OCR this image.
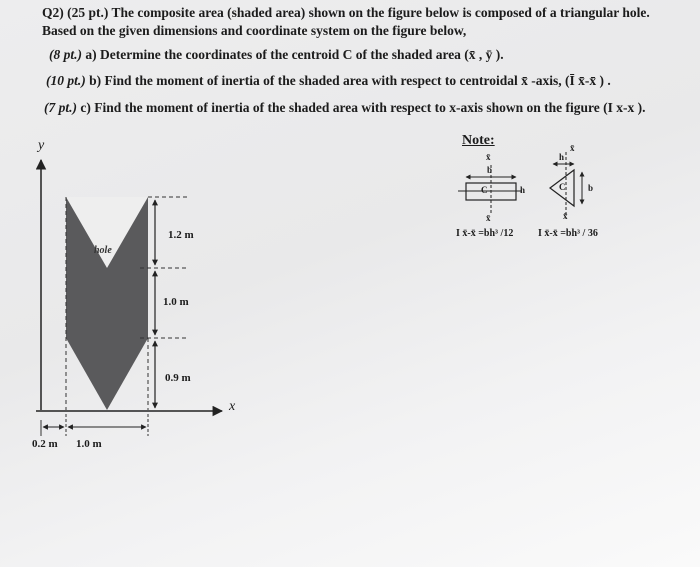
Q2) (25 pt.) The composite area (shaded area) shown on the figure below is composed of a triangular hole.
Based on the given dimensions and coordinate system on the figure below,
(8 pt.) a) Determine the coordinates of the centroid C of the shaded area (x̄ , ȳ ).
(10 pt.) b) Find the moment of inertia of the shaded area with respect to centroidal x̄ -axis, (Ī x̄-x̄ ) .
(7 pt.) c) Find the moment of inertia of the shaded area with respect to x-axis shown on the figure (I x-x ).
Note:
y
x
hole
1.2 m
1.0 m
0.9 m
0.2 m 1.0 m
b
x̄
C	h
x̄
I x̄-x̄ =bh³ /12
h
x̄
C	b
x̄
I x̄-x̄ =bh³ / 36
